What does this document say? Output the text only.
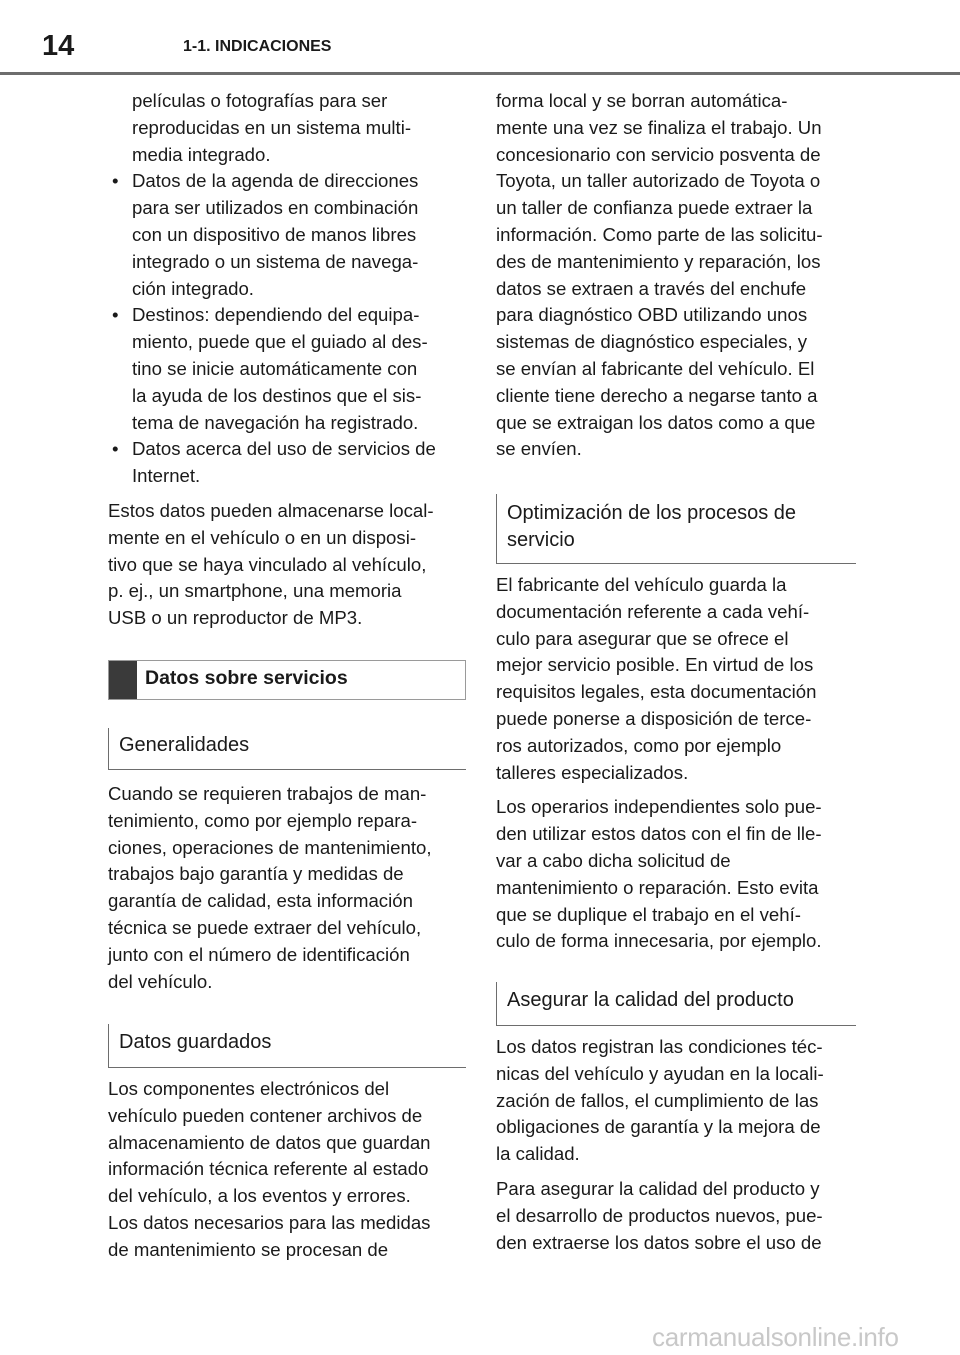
14	1-1. INDICACIONES
películas o fotografías para ser
reproducidas en un sistema multi-
media integrado.
• Datos de la agenda de direcciones
para ser utilizados en combinación
con un dispositivo de manos libres
integrado o un sistema de navega-
ción integrado.
• Destinos: dependiendo del equipa-
miento, puede que el guiado al des-
tino se inicie automáticamente con
la ayuda de los destinos que el sis-
tema de navegación ha registrado.
• Datos acerca del uso de servicios de
Internet.
Estos datos pueden almacenarse local-
mente en el vehículo o en un disposi-
tivo que se haya vinculado al vehículo,
p. ej., un smartphone, una memoria
USB o un reproductor de MP3.
Datos sobre servicios
Generalidades
Cuando se requieren trabajos de man-
tenimiento, como por ejemplo repara-
ciones, operaciones de mantenimiento,
trabajos bajo garantía y medidas de
garantía de calidad, esta información
técnica se puede extraer del vehículo,
junto con el número de identificación
del vehículo.
Datos guardados
Los componentes electrónicos del
vehículo pueden contener archivos de
almacenamiento de datos que guardan
información técnica referente al estado
del vehículo, a los eventos y errores.
Los datos necesarios para las medidas
de mantenimiento se procesan de
forma local y se borran automática-
mente una vez se finaliza el trabajo. Un
concesionario con servicio posventa de
Toyota, un taller autorizado de Toyota o
un taller de confianza puede extraer la
información. Como parte de las solicitu-
des de mantenimiento y reparación, los
datos se extraen a través del enchufe
para diagnóstico OBD utilizando unos
sistemas de diagnóstico especiales, y
se envían al fabricante del vehículo. El
cliente tiene derecho a negarse tanto a
que se extraigan los datos como a que
se envíen.
Optimización de los procesos de
servicio
El fabricante del vehículo guarda la
documentación referente a cada vehí-
culo para asegurar que se ofrece el
mejor servicio posible. En virtud de los
requisitos legales, esta documentación
puede ponerse a disposición de terce-
ros autorizados, como por ejemplo
talleres especializados.
Los operarios independientes solo pue-
den utilizar estos datos con el fin de lle-
var a cabo dicha solicitud de
mantenimiento o reparación. Esto evita
que se duplique el trabajo en el vehí-
culo de forma innecesaria, por ejemplo.
Asegurar la calidad del producto
Los datos registran las condiciones téc-
nicas del vehículo y ayudan en la locali-
zación de fallos, el cumplimiento de las
obligaciones de garantía y la mejora de
la calidad.
Para asegurar la calidad del producto y
el desarrollo de productos nuevos, pue-
den extraerse los datos sobre el uso de
carmanualsonline.info
